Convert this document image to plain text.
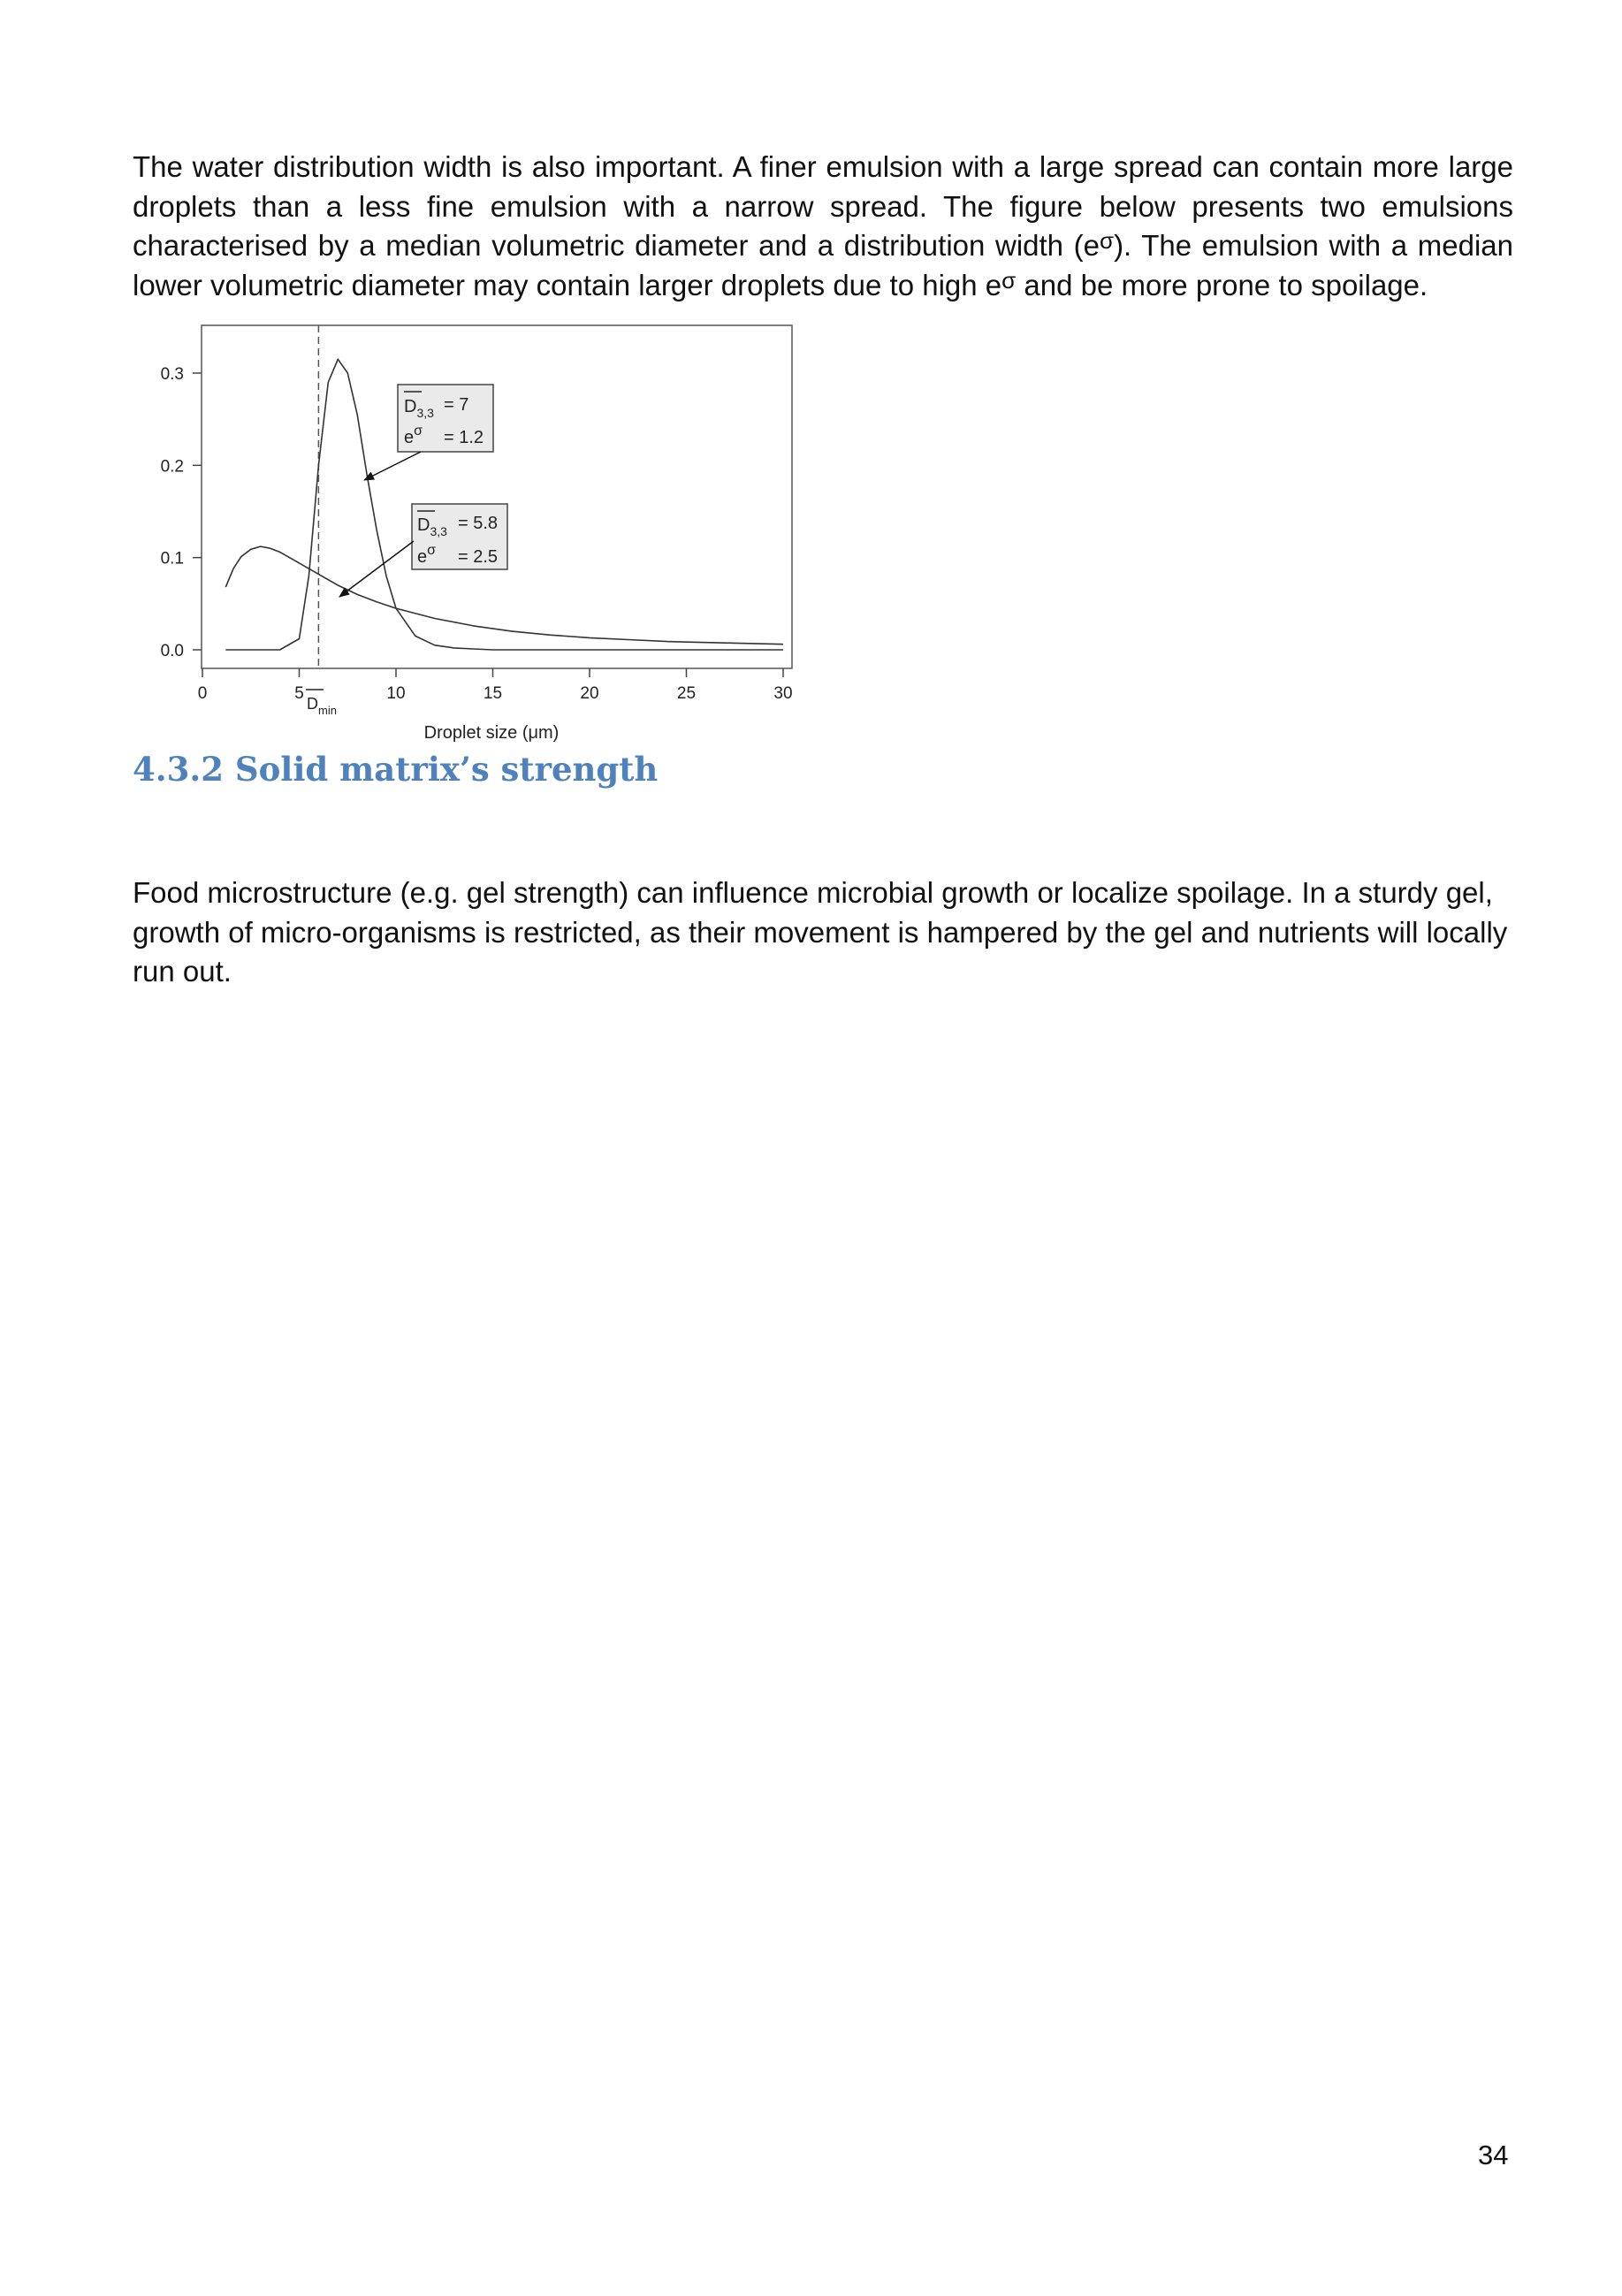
The water distribution width is also important. A finer emulsion with a large spread can contain more large droplets than a less fine emulsion with a narrow spread. The figure below presents two emulsions characterised by a median volumetric diameter and a distribution width $(e^\sigma)$. The emulsion with a median lower volumetric diameter may contain larger droplets due to high $e^\sigma$ and be more prone to spoilage.

0.0
0.1
0.2
0.3
0	5	10	15	20	25	30
$D_{3,3} = 7$
$e^\sigma = 1.2$
$D_{3,3} = 5.8$
$e^\sigma = 2.5$
$D_{min}$
Droplet size (μm)
4.3.2 Solid matrix’s strength

Food microstructure (e.g. gel strength) can influence microbial growth or localize spoilage. In a sturdy gel, growth of micro-organisms is restricted, as their movement is hampered by the gel and nutrients will locally run out.

34
